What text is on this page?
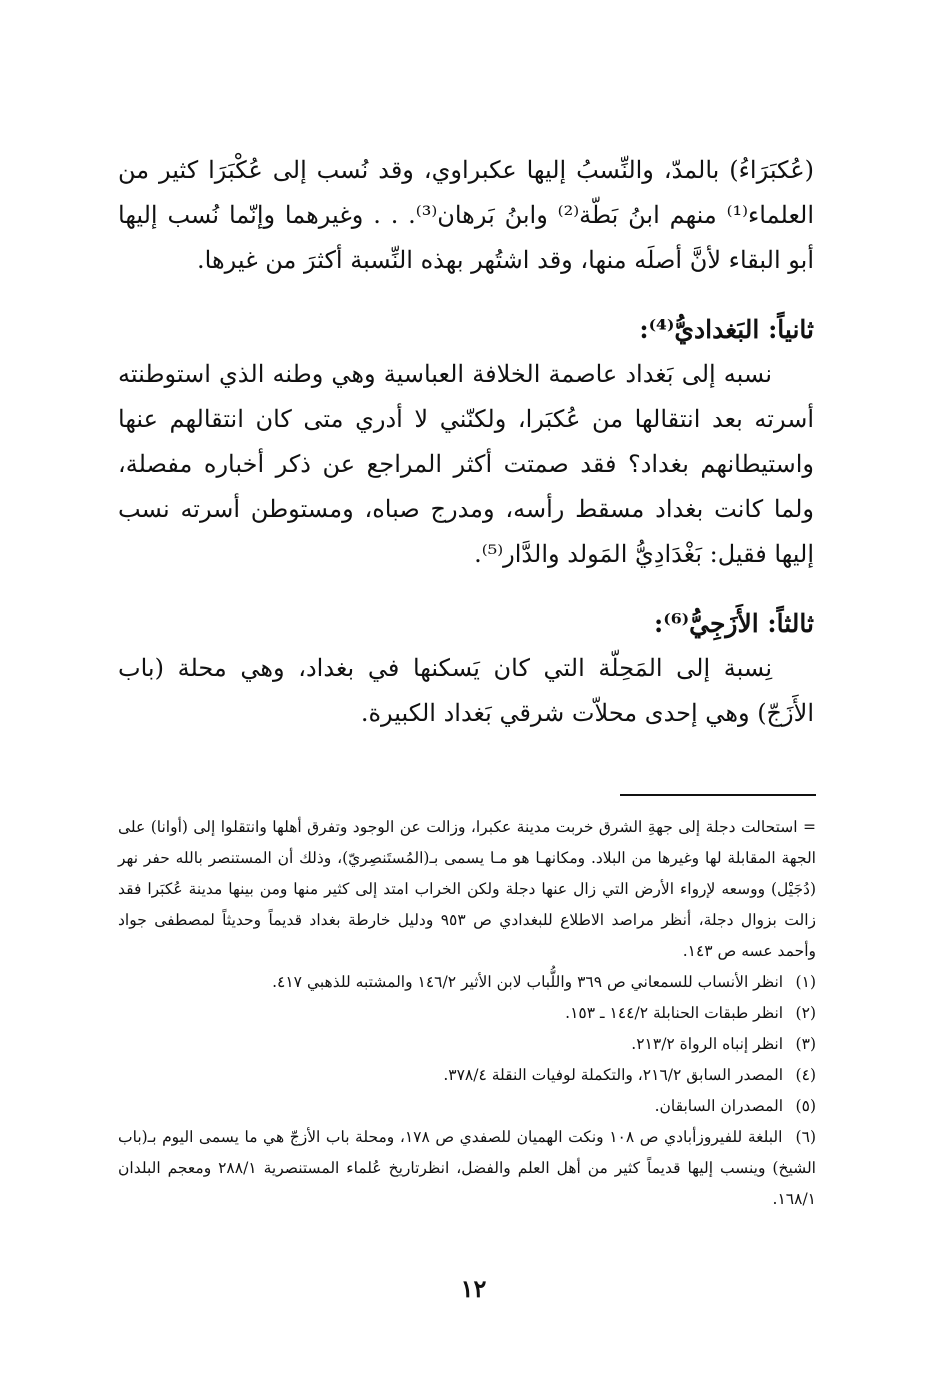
(عُكبَرَاءُ) بالمدّ، والنِّسبُ إليها عكبراوي، وقد نُسب إلى عُكْبَرَا كثير من العلماء⁽¹⁾ منهم ابنُ بَطّة⁽²⁾ وابنُ بَرهان⁽³⁾. . . وغيرهما وإنّما نُسب إليها أبو البقاء لأنَّ أصلَه منها، وقد اشتُهر بهذه النِّسبة أكثرَ من غيرها.

ثانياً: البَغداديُّ⁽⁴⁾:

نسبه إلى بَغداد عاصمة الخلافة العباسية وهي وطنه الذي استوطنته أسرته بعد انتقالها من عُكبَرا، ولكنّني لا أدري متى كان انتقالهم عنها واستيطانهم بغداد؟ فقد صمتت أكثر المراجع عن ذكر أخباره مفصلة، ولما كانت بغداد مسقط رأسه، ومدرج صباه، ومستوطن أسرته نسب إليها فقيل: بَغْدَادِيُّ المَولد والدَّار⁽⁵⁾.

ثالثاً: الأَزَجِيُّ⁽⁶⁾:

نِسبة إلى المَحِلّة التي كان يَسكنها في بغداد، وهي محلة (باب الأَزَجّ) وهي إحدى محلاّت شرقي بَغداد الكبيرة.

= استحالت دجلة إلى جهةِ الشرق خربت مدينة عكبرا، وزالت عن الوجود وتفرق أهلها وانتقلوا إلى (أوانا) على الجهة المقابلة لها وغيرها من البلاد. ومكانهـا هو مـا يسمى بـ(المُستَنصِريّ)، وذلك أن المستنصر بالله حفر نهر (دُجَيْل) ووسعه لإرواء الأرض التي زال عنها دجلة ولكن الخراب امتد إلى كثير منها ومن بينها مدينة عُكبَرا فقد زالت بزوال دجلة، أنظر مراصد الاطلاع للبغدادي ص ٩٥٣ ودليل خارطة بغداد قديماً وحديثاً لمصطفى جواد وأحمد عسه ص ١٤٣.

(١) انظر الأنساب للسمعاني ص ٣٦٩ واللُّباب لابن الأثير ١٤٦/٢ والمشتبه للذهبي ٤١٧.

(٢) انظر طبقات الحنابلة ١٤٤/٢ ـ ١٥٣.

(٣) انظر إنباه الرواة ٢١٣/٢.

(٤) المصدر السابق ٢١٦/٢، والتكملة لوفيات النقلة ٣٧٨/٤.

(٥) المصدران السابقان.

(٦) البلغة للفيروزأبادي ص ١٠٨ ونكت الهميان للصفدي ص ١٧٨، ومحلة باب الأزجّ هي ما يسمى اليوم بـ(باب الشيخ) وينسب إليها قديماً كثير من أهل العلم والفضل، انظرتاريخ عُلماء المستنصرية ٢٨٨/١ ومعجم البلدان ١٦٨/١.

١٢
